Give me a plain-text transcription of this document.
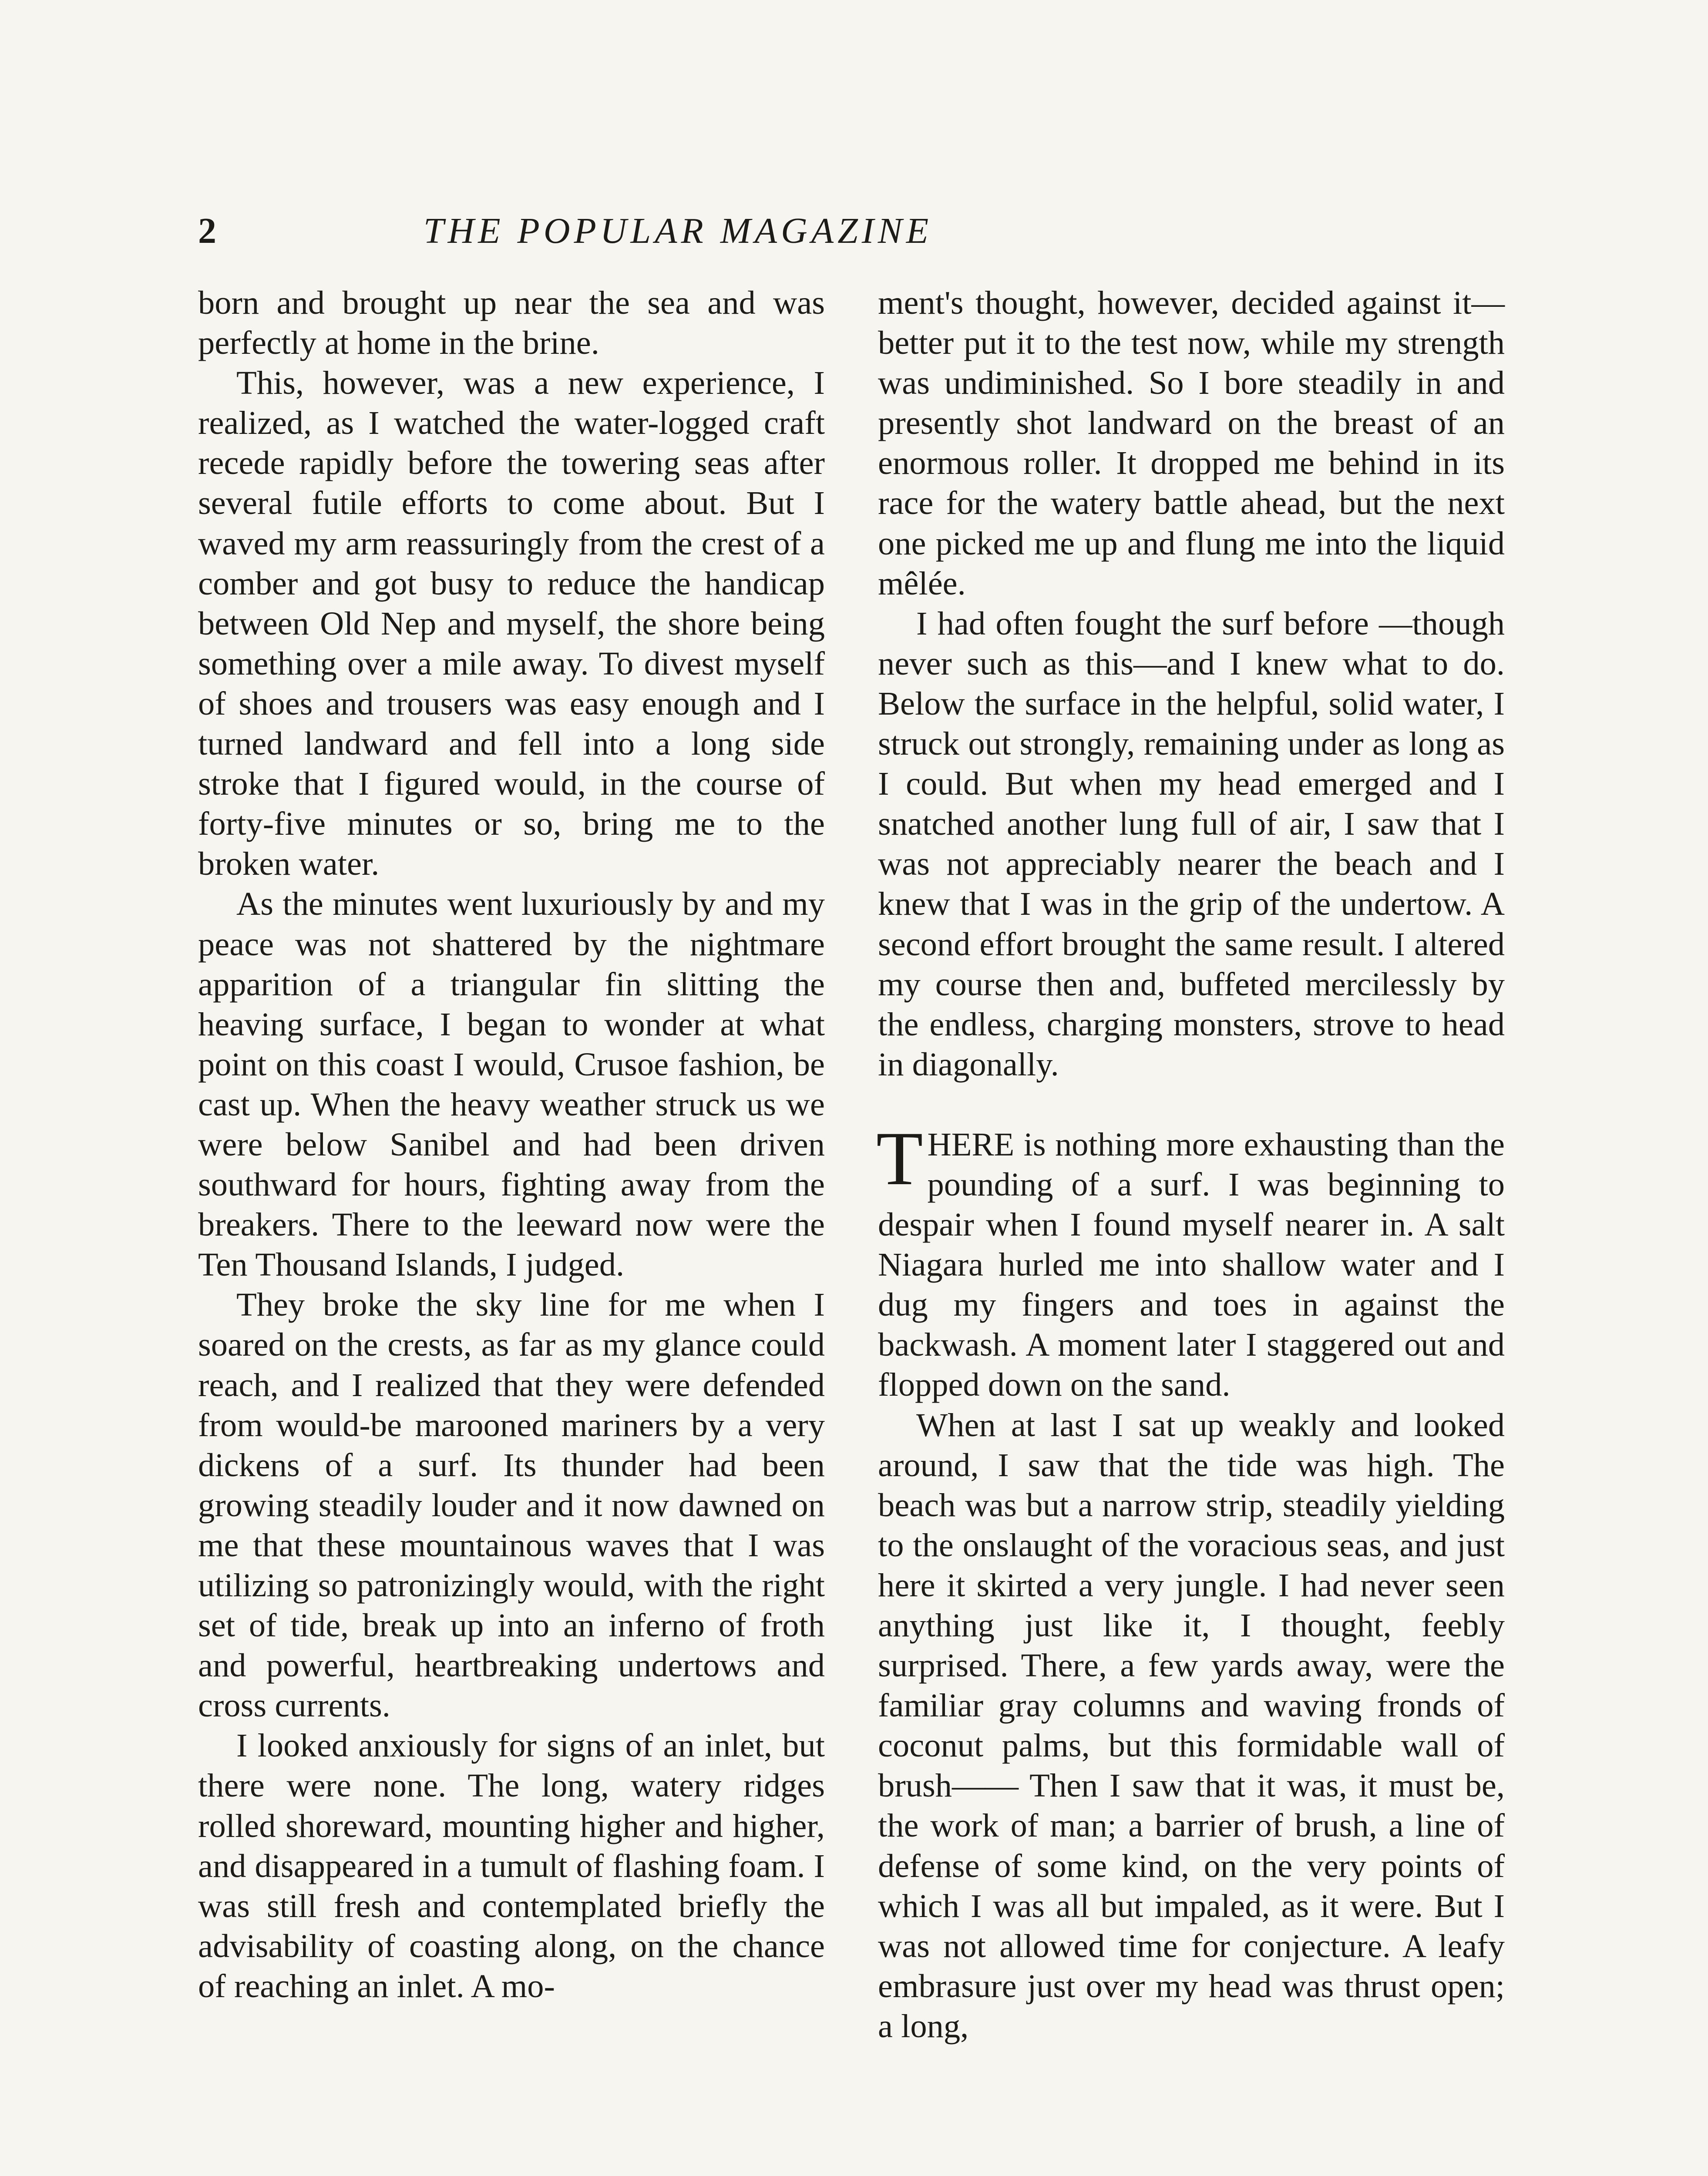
2	THE POPULAR MAGAZINE

born and brought up near the sea and was perfectly at home in the brine.

This, however, was a new experience, I realized, as I watched the water-logged craft recede rapidly before the towering seas after several futile efforts to come about. But I waved my arm reassuringly from the crest of a comber and got busy to reduce the handicap between Old Nep and myself, the shore being something over a mile away. To divest myself of shoes and trousers was easy enough and I turned landward and fell into a long side stroke that I figured would, in the course of forty-five minutes or so, bring me to the broken water.

As the minutes went luxuriously by and my peace was not shattered by the nightmare apparition of a triangular fin slitting the heaving surface, I began to wonder at what point on this coast I would, Crusoe fashion, be cast up. When the heavy weather struck us we were below Sanibel and had been driven southward for hours, fighting away from the breakers. There to the leeward now were the Ten Thousand Islands, I judged.

They broke the sky line for me when I soared on the crests, as far as my glance could reach, and I realized that they were defended from would-be marooned mariners by a very dickens of a surf. Its thunder had been growing steadily louder and it now dawned on me that these mountainous waves that I was utilizing so patronizingly would, with the right set of tide, break up into an inferno of froth and powerful, heartbreaking undertows and cross currents.

I looked anxiously for signs of an inlet, but there were none. The long, watery ridges rolled shoreward, mounting higher and higher, and disappeared in a tumult of flashing foam. I was still fresh and contemplated briefly the advisability of coasting along, on the chance of reaching an inlet. A mo-

ment's thought, however, decided against it—better put it to the test now, while my strength was undiminished. So I bore steadily in and presently shot landward on the breast of an enormous roller. It dropped me behind in its race for the watery battle ahead, but the next one picked me up and flung me into the liquid mêlée.

I had often fought the surf before —though never such as this—and I knew what to do. Below the surface in the helpful, solid water, I struck out strongly, remaining under as long as I could. But when my head emerged and I snatched another lung full of air, I saw that I was not appreciably nearer the beach and I knew that I was in the grip of the undertow. A second effort brought the same result. I altered my course then and, buffeted mercilessly by the endless, charging monsters, strove to head in diagonally.

THERE is nothing more exhausting than the pounding of a surf. I was beginning to despair when I found myself nearer in. A salt Niagara hurled me into shallow water and I dug my fingers and toes in against the backwash. A moment later I staggered out and flopped down on the sand.

When at last I sat up weakly and looked around, I saw that the tide was high. The beach was but a narrow strip, steadily yielding to the onslaught of the voracious seas, and just here it skirted a very jungle. I had never seen anything just like it, I thought, feebly surprised. There, a few yards away, were the familiar gray columns and waving fronds of coconut palms, but this formidable wall of brush—— Then I saw that it was, it must be, the work of man; a barrier of brush, a line of defense of some kind, on the very points of which I was all but impaled, as it were. But I was not allowed time for conjecture. A leafy embrasure just over my head was thrust open; a long,
